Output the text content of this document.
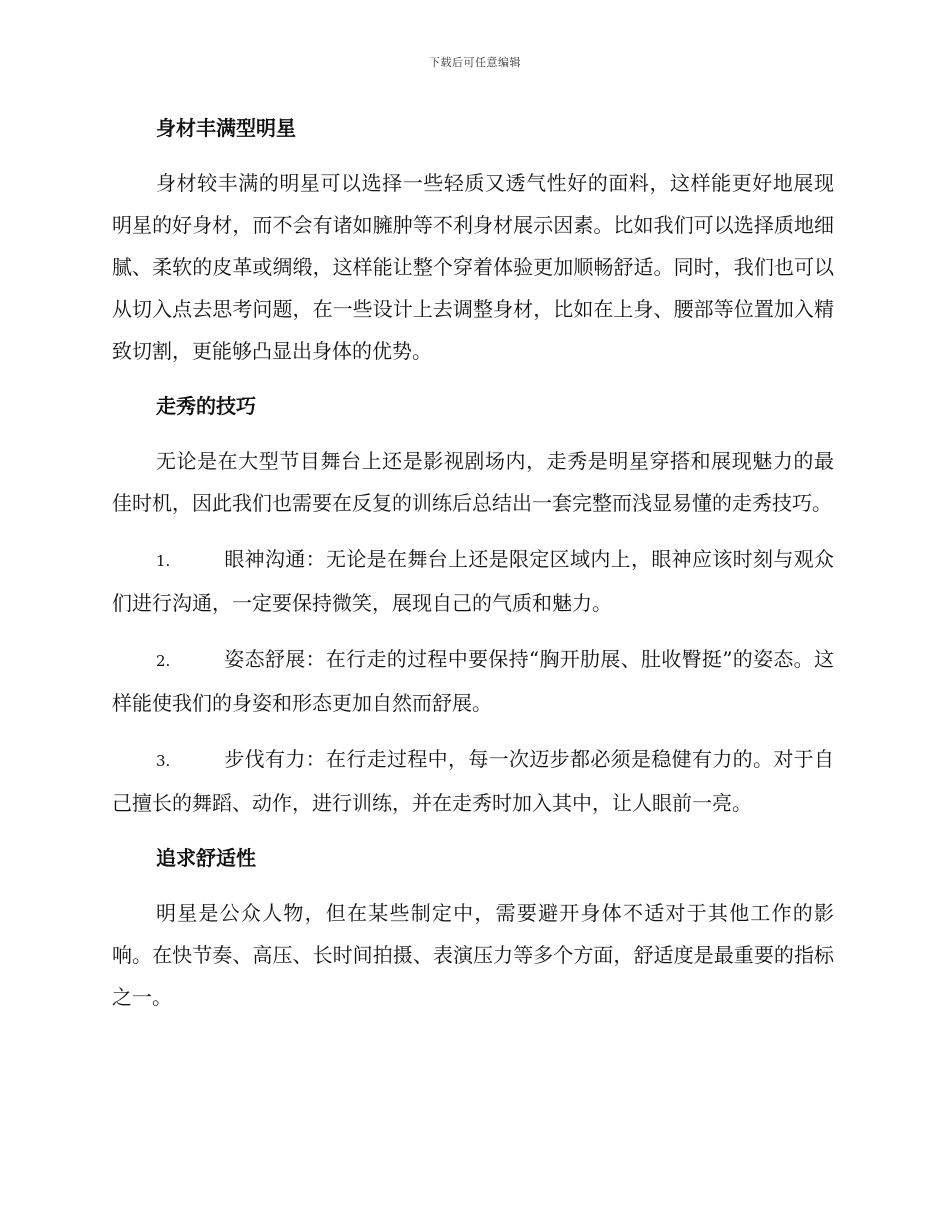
下载后可任意编辑
身材丰满型明星

身材较丰满的明星可以选择一些轻质又透气性好的面料，这样能更好地展现明星的好身材，而不会有诸如臃肿等不利身材展示因素。比如我们可以选择质地细腻、柔软的皮革或绸缎，这样能让整个穿着体验更加顺畅舒适。同时，我们也可以从切入点去思考问题，在一些设计上去调整身材，比如在上身、腰部等位置加入精致切割，更能够凸显出身体的优势。

走秀的技巧

无论是在大型节目舞台上还是影视剧场内，走秀是明星穿搭和展现魅力的最佳时机，因此我们也需要在反复的训练后总结出一套完整而浅显易懂的走秀技巧。

1.	眼神沟通：无论是在舞台上还是限定区域内上，眼神应该时刻与观众们进行沟通，一定要保持微笑，展现自己的气质和魅力。

2.	姿态舒展：在行走的过程中要保持“胸开肋展、肚收臀挺”的姿态。这样能使我们的身姿和形态更加自然而舒展。

3.	步伐有力：在行走过程中，每一次迈步都必须是稳健有力的。对于自己擅长的舞蹈、动作，进行训练，并在走秀时加入其中，让人眼前一亮。

追求舒适性

明星是公众人物，但在某些制定中，需要避开身体不适对于其他工作的影响。在快节奏、高压、长时间拍摄、表演压力等多个方面，舒适度是最重要的指标之一。
